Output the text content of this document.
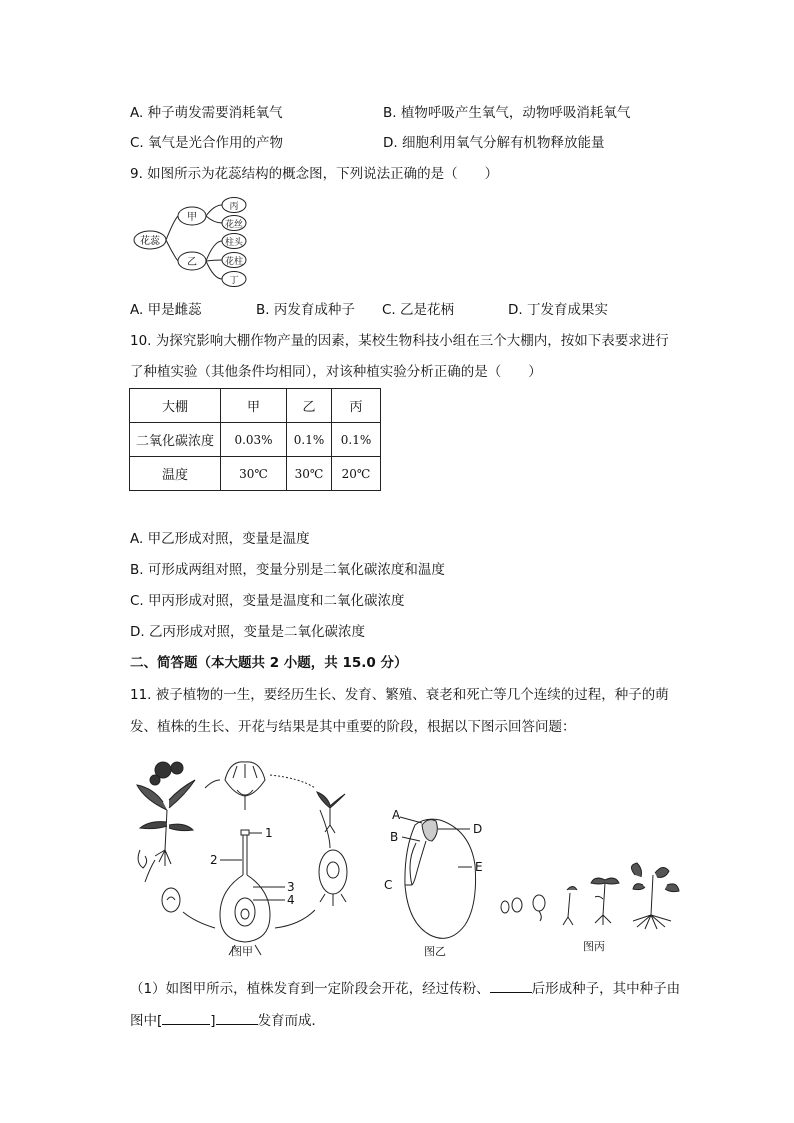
A. 种子萌发需要消耗氧气	B. 植物呼吸产生氧气，动物呼吸消耗氧气
C. 氧气是光合作用的产物	D. 细胞利用氧气分解有机物释放能量
9. 如图所示为花蕊结构的概念图，下列说法正确的是（　　）
花蕊
甲
乙
丙
花丝
柱头
花柱
丁
A. 甲是雌蕊	B. 丙发育成种子 C. 乙是花柄	D. 丁发育成果实
10. 为探究影响大棚作物产量的因素，某校生物科技小组在三个大棚内，按如下表要求进行
了种植实验（其他条件均相同），对该种植实验分析正确的是（　　）
大棚	甲	乙	丙
二氧化碳浓度	0.03%	0.1%	0.1%
温度	30℃	30℃	20℃
A. 甲乙形成对照，变量是温度
B. 可形成两组对照，变量分别是二氧化碳浓度和温度
C. 甲丙形成对照，变量是温度和二氧化碳浓度
D. 乙丙形成对照，变量是二氧化碳浓度
二、简答题（本大题共 2 小题，共 15.0 分）
11. 被子植物的一生，要经历生长、发育、繁殖、衰老和死亡等几个连续的过程，种子的萌
发、植株的生长、开花与结果是其中重要的阶段，根据以下图示回答问题：
1
2
3
4
图甲
A
B
C
D
E
图乙	图丙
（1）如图甲所示，植株发育到一定阶段会开花，经过传粉、	后形成种子，其中种子由
图中[	]	发育而成．
